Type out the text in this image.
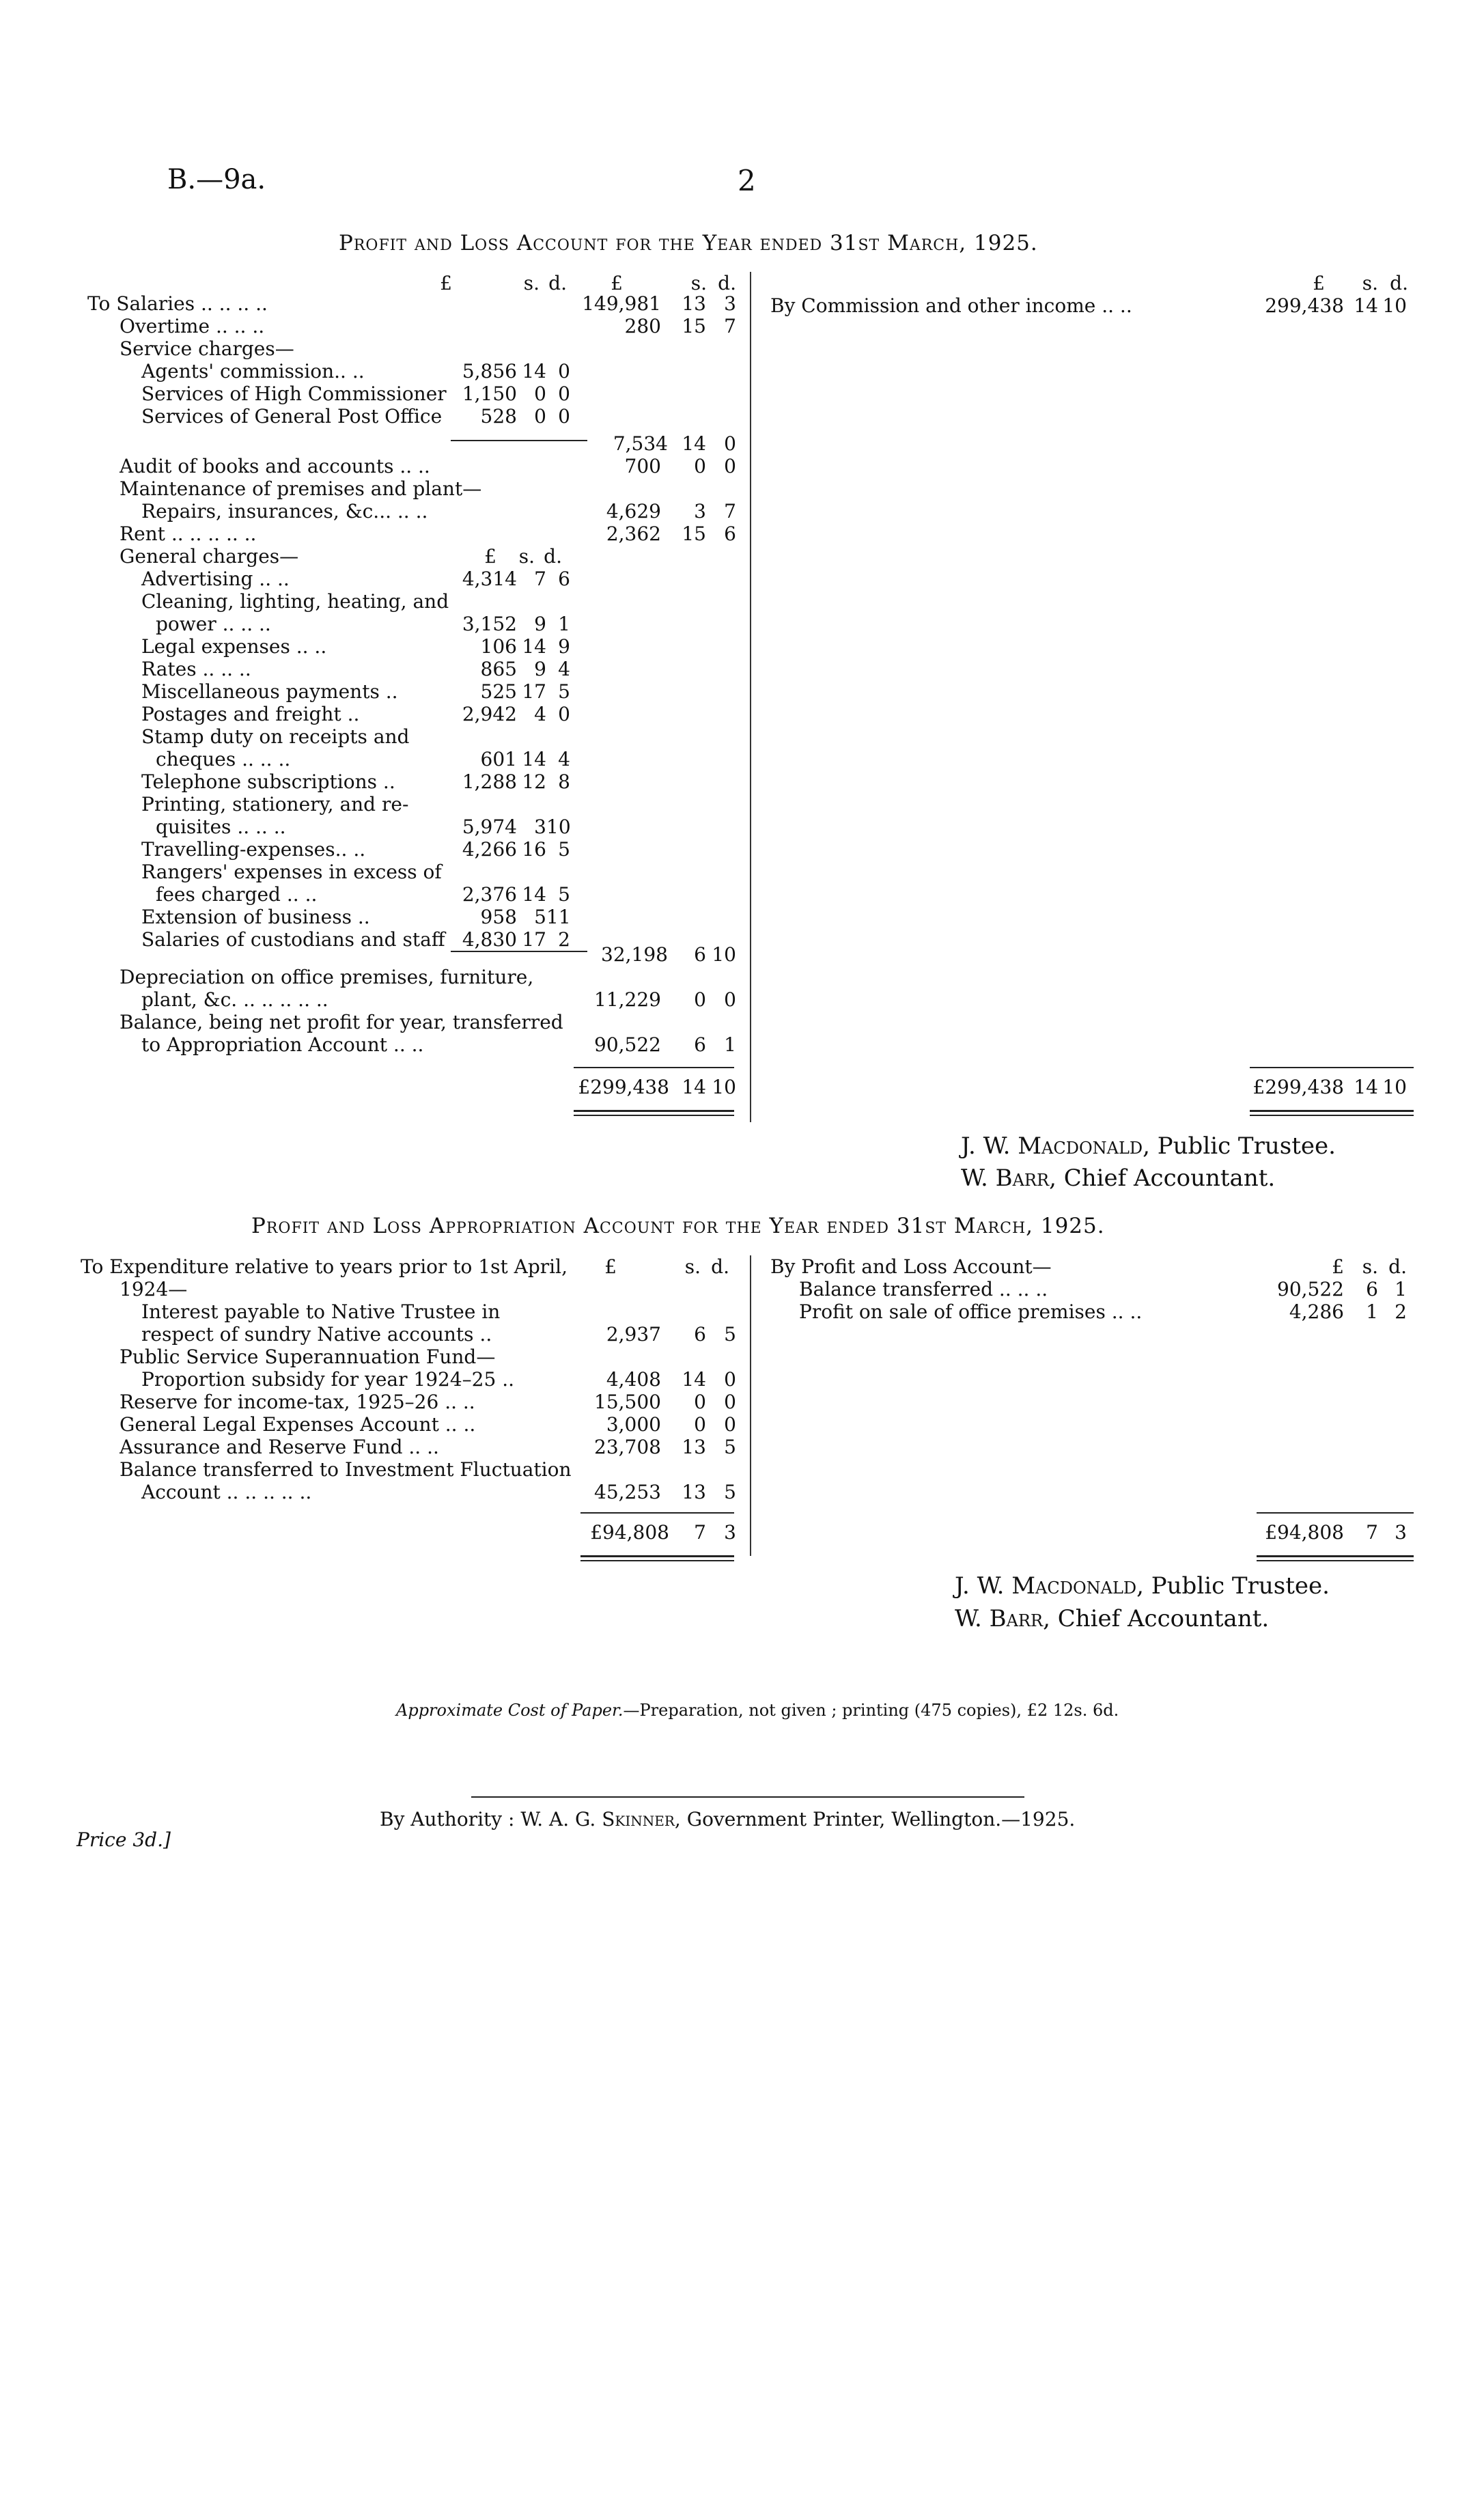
B.—9a.	2
Profit and Loss Account for the Year ended 31st March, 1925.
£	s. d. £	s. d.
To Salaries .. .. .. ..	149,981	13 3
Overtime .. .. ..	280	15 7
Service charges—
Agents' commission.. ..	5,856 14 0
Services of High Commissioner 1,150 0 0
Services of General Post Office	528 0 0
7,534 14 0
Audit of books and accounts .. ..	700	0 0
Maintenance of premises and plant—
Repairs, insurances, &c... .. ..	4,629	3 7
Rent .. .. .. .. ..	2,362	15 6
General charges—	£ s. d.
Advertising .. ..	4,314 7 6
Cleaning, lighting, heating, and
power .. .. ..	3,152 9 1
Legal expenses .. ..	106 14 9
Rates .. .. ..	865 9 4
Miscellaneous payments ..	525 17 5
Postages and freight ..	2,942 4 0
Stamp duty on receipts and
cheques .. .. ..	601 14 4
Telephone subscriptions ..	1,288 12 8
Printing, stationery, and re-
quisites .. .. ..	5,974 3 10
Travelling-expenses.. ..	4,266 16 5
Rangers' expenses in excess of
fees charged .. ..	2,376 14 5
Extension of business ..	958 5 11
Salaries of custodians and staff 4,830 17 2
32,198	6 10
Depreciation on office premises, furniture,
plant, &c. .. .. .. .. ..	11,229	0 0
Balance, being net profit for year, transferred
to Appropriation Account .. ..	90,522	6 1
£299,438 14 10
£	s. d.
By Commission and other income .. ..	299,438 14 10
£299,438 14 10
J. W. Macdonald, Public Trustee.
W. Barr, Chief Accountant.
Profit and Loss Appropriation Account for the Year ended 31st March, 1925.
To Expenditure relative to years prior to 1st April,	£	s. d.
1924—
Interest payable to Native Trustee in
respect of sundry Native accounts ..	2,937	6 5
Public Service Superannuation Fund—
Proportion subsidy for year 1924–25 ..	4,408	14 0
Reserve for income-tax, 1925–26 .. ..	15,500	0 0
General Legal Expenses Account .. ..	3,000	0 0
Assurance and Reserve Fund .. ..	23,708	13 5
Balance transferred to Investment Fluctuation
Account .. .. .. .. ..	45,253	13 5
£94,808	7 3
By Profit and Loss Account—	£ s. d.
Balance transferred .. .. ..	90,522	6 1
Profit on sale of office premises .. ..	4,286	1 2
£94,808	7 3
J. W. Macdonald, Public Trustee.
W. Barr, Chief Accountant.
Approximate Cost of Paper.—Preparation, not given ; printing (475 copies), £2 12s. 6d.
Price 3d.]
By Authority : W. A. G. Skinner, Government Printer, Wellington.—1925.
